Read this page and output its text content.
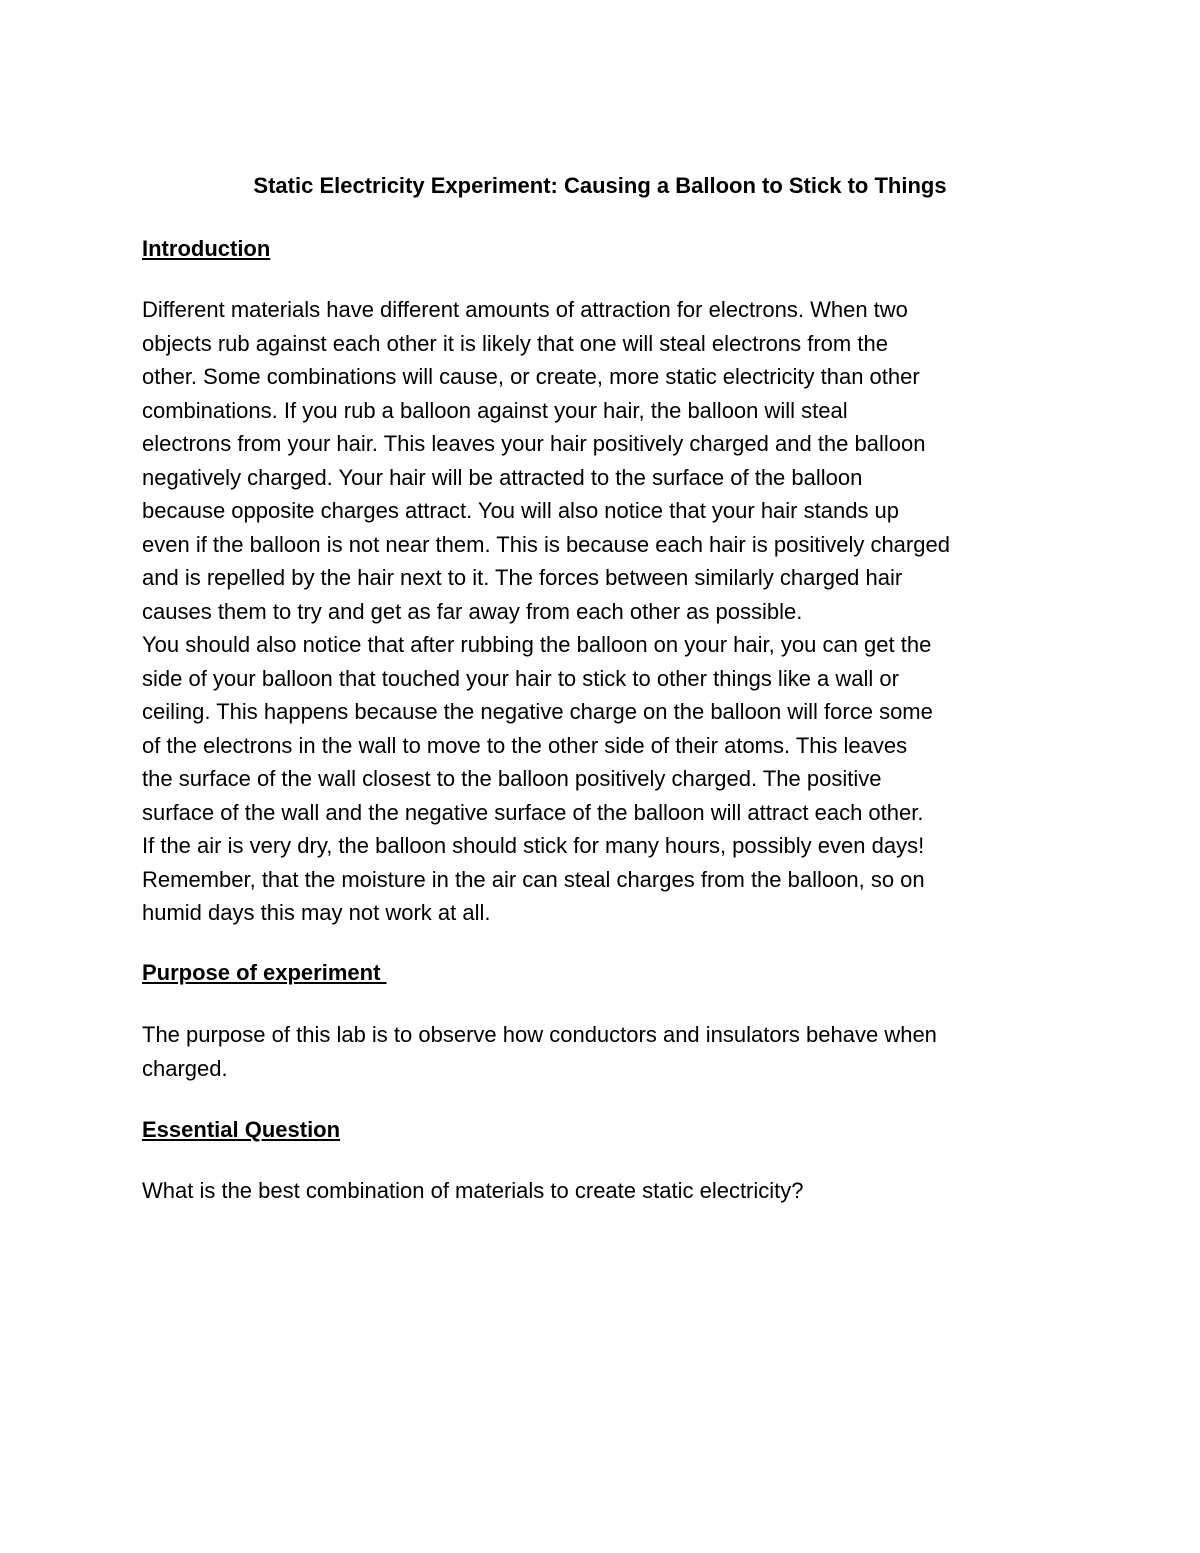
Static Electricity Experiment: Causing a Balloon to Stick to Things
Introduction
Different materials have different amounts of attraction for electrons. When two
objects rub against each other it is likely that one will steal electrons from the
other. Some combinations will cause, or create, more static electricity than other
combinations. If you rub a balloon against your hair, the balloon will steal
electrons from your hair. This leaves your hair positively charged and the balloon
negatively charged. Your hair will be attracted to the surface of the balloon
because opposite charges attract. You will also notice that your hair stands up
even if the balloon is not near them. This is because each hair is positively charged
and is repelled by the hair next to it. The forces between similarly charged hair
causes them to try and get as far away from each other as possible.
You should also notice that after rubbing the balloon on your hair, you can get the
side of your balloon that touched your hair to stick to other things like a wall or
ceiling. This happens because the negative charge on the balloon will force some
of the electrons in the wall to move to the other side of their atoms. This leaves
the surface of the wall closest to the balloon positively charged. The positive
surface of the wall and the negative surface of the balloon will attract each other.
If the air is very dry, the balloon should stick for many hours, possibly even days!
Remember, that the moisture in the air can steal charges from the balloon, so on
humid days this may not work at all.
Purpose of experiment
The purpose of this lab is to observe how conductors and insulators behave when
charged.
Essential Question
What is the best combination of materials to create static electricity?
